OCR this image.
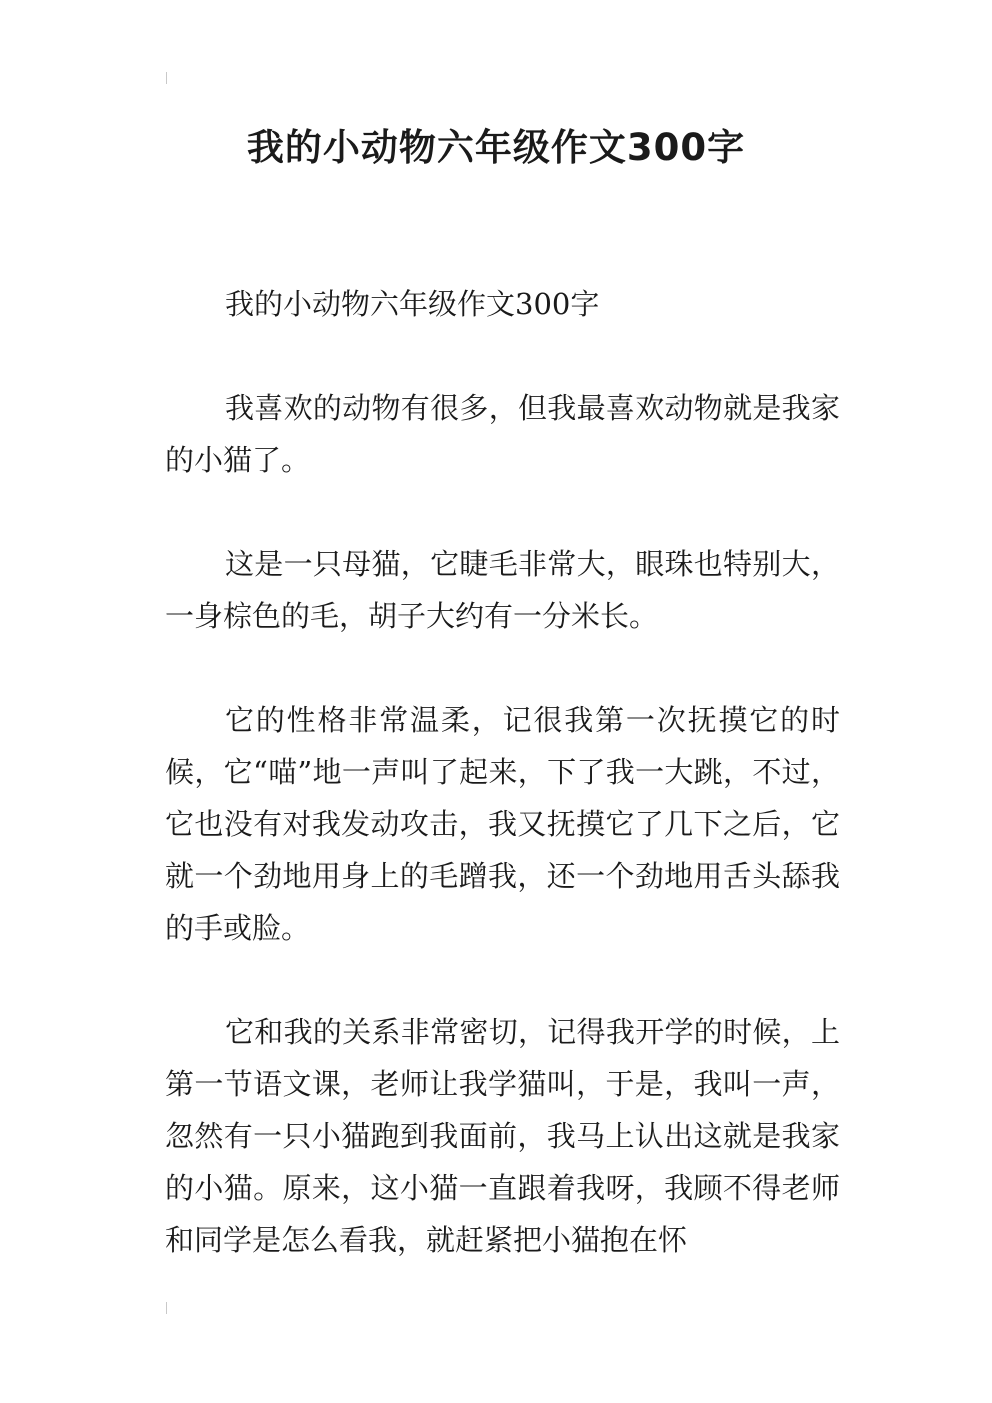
我的小动物六年级作文300字

我的小动物六年级作文300字

我喜欢的动物有很多，但我最喜欢动物就是我家的小猫了。

这是一只母猫，它睫毛非常大，眼珠也特别大，一身棕色的毛，胡子大约有一分米长。

它的性格非常温柔，记很我第一次抚摸它的时候，它“喵”地一声叫了起来，下了我一大跳，不过，它也没有对我发动攻击，我又抚摸它了几下之后，它就一个劲地用身上的毛蹭我，还一个劲地用舌头舔我的手或脸。

它和我的关系非常密切，记得我开学的时候，上第一节语文课，老师让我学猫叫，于是，我叫一声，忽然有一只小猫跑到我面前，我马上认出这就是我家的小猫。原来，这小猫一直跟着我呀，我顾不得老师和同学是怎么看我，就赶紧把小猫抱在怀
